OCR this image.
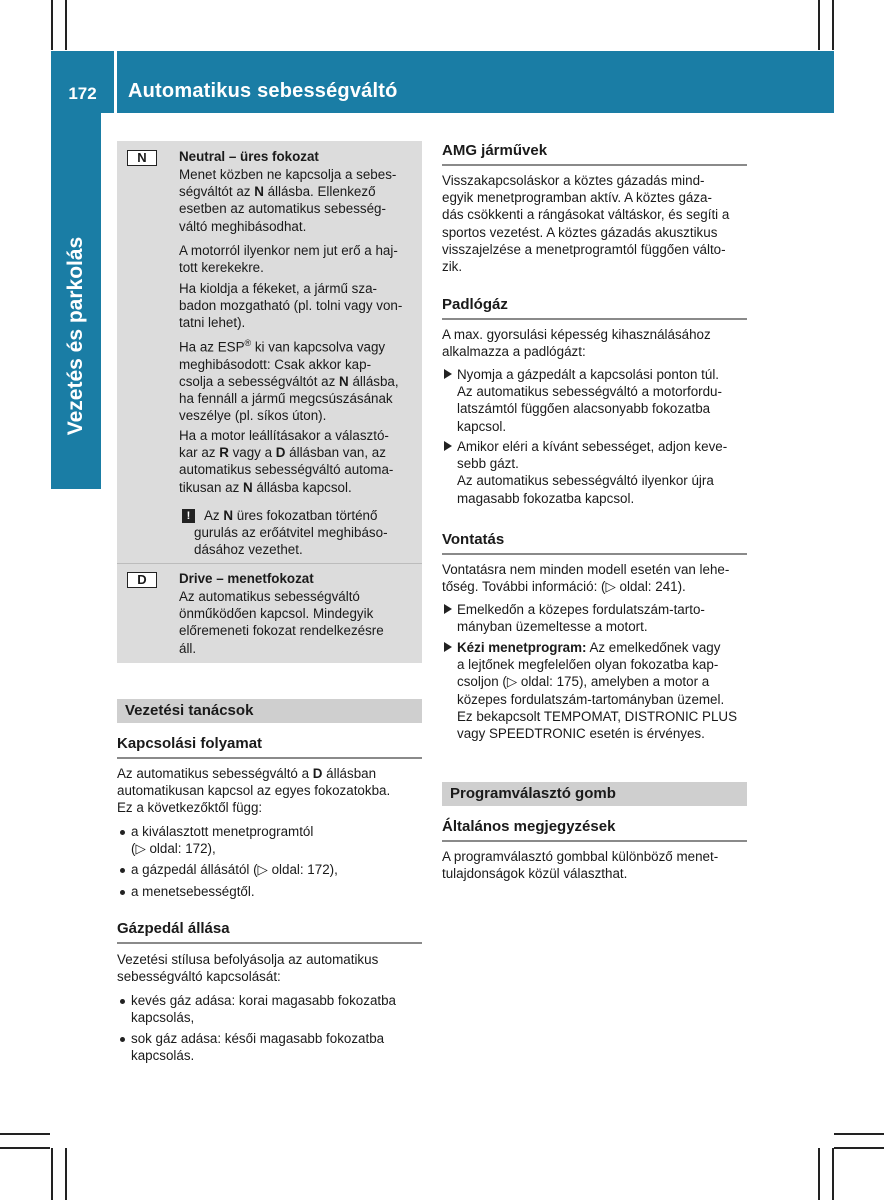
172	Automatikus sebességváltó
Vezetés és parkolás
N	Neutral – üres fokozat
Menet közben ne kapcsolja a sebes-
ségváltót az N állásba. Ellenkező
esetben az automatikus sebesség-
váltó meghibásodhat.
A motorról ilyenkor nem jut erő a haj-
tott kerekekre.
Ha kioldja a fékeket, a jármű sza-
badon mozgatható (pl. tolni vagy von-
tatni lehet).
Ha az ESP® ki van kapcsolva vagy
meghibásodott: Csak akkor kap-
csolja a sebességváltót az N állásba,
ha fennáll a jármű megcsúszásának
veszélye (pl. síkos úton).
Ha a motor leállításakor a választó-
kar az R vagy a D állásban van, az
automatikus sebességváltó automa-
tikusan az N állásba kapcsol.
!	Az N üres fokozatban történő
gurulás az erőátvitel meghibáso-
dásához vezethet.
D	Drive – menetfokozat
Az automatikus sebességváltó
önműködően kapcsol. Mindegyik
előremeneti fokozat rendelkezésre
áll.
Vezetési tanácsok
Kapcsolási folyamat
Az automatikus sebességváltó a D állásban
automatikusan kapcsol az egyes fokozatokba.
Ez a következőktől függ:
a kiválasztott menetprogramtól
(▷ oldal: 172),
a gázpedál állásától (▷ oldal: 172),
a menetsebességtől.
Gázpedál állása
Vezetési stílusa befolyásolja az automatikus
sebességváltó kapcsolását:
kevés gáz adása: korai magasabb fokozatba
kapcsolás,
sok gáz adása: késői magasabb fokozatba
kapcsolás.
AMG járművek
Visszakapcsoláskor a köztes gázadás mind-
egyik menetprogramban aktív. A köztes gáza-
dás csökkenti a rángásokat váltáskor, és segíti a
sportos vezetést. A köztes gázadás akusztikus
visszajelzése a menetprogramtól függően válto-
zik.
Padlógáz
A max. gyorsulási képesség kihasználásához
alkalmazza a padlógázt:
Nyomja a gázpedált a kapcsolási ponton túl.
Az automatikus sebességváltó a motorfordu-
latszámtól függően alacsonyabb fokozatba
kapcsol.
Amikor eléri a kívánt sebességet, adjon keve-
sebb gázt.
Az automatikus sebességváltó ilyenkor újra
magasabb fokozatba kapcsol.
Vontatás
Vontatásra nem minden modell esetén van lehe-
tőség. További információ: (▷ oldal: 241).
Emelkedőn a közepes fordulatszám-tarto-
mányban üzemeltesse a motort.
Kézi menetprogram: Az emelkedőnek vagy
a lejtőnek megfelelően olyan fokozatba kap-
csoljon (▷ oldal: 175), amelyben a motor a
közepes fordulatszám-tartományban üzemel.
Ez bekapcsolt TEMPOMAT, DISTRONIC PLUS
vagy SPEEDTRONIC esetén is érvényes.
Programválasztó gomb
Általános megjegyzések
A programválasztó gombbal különböző menet-
tulajdonságok közül választhat.
